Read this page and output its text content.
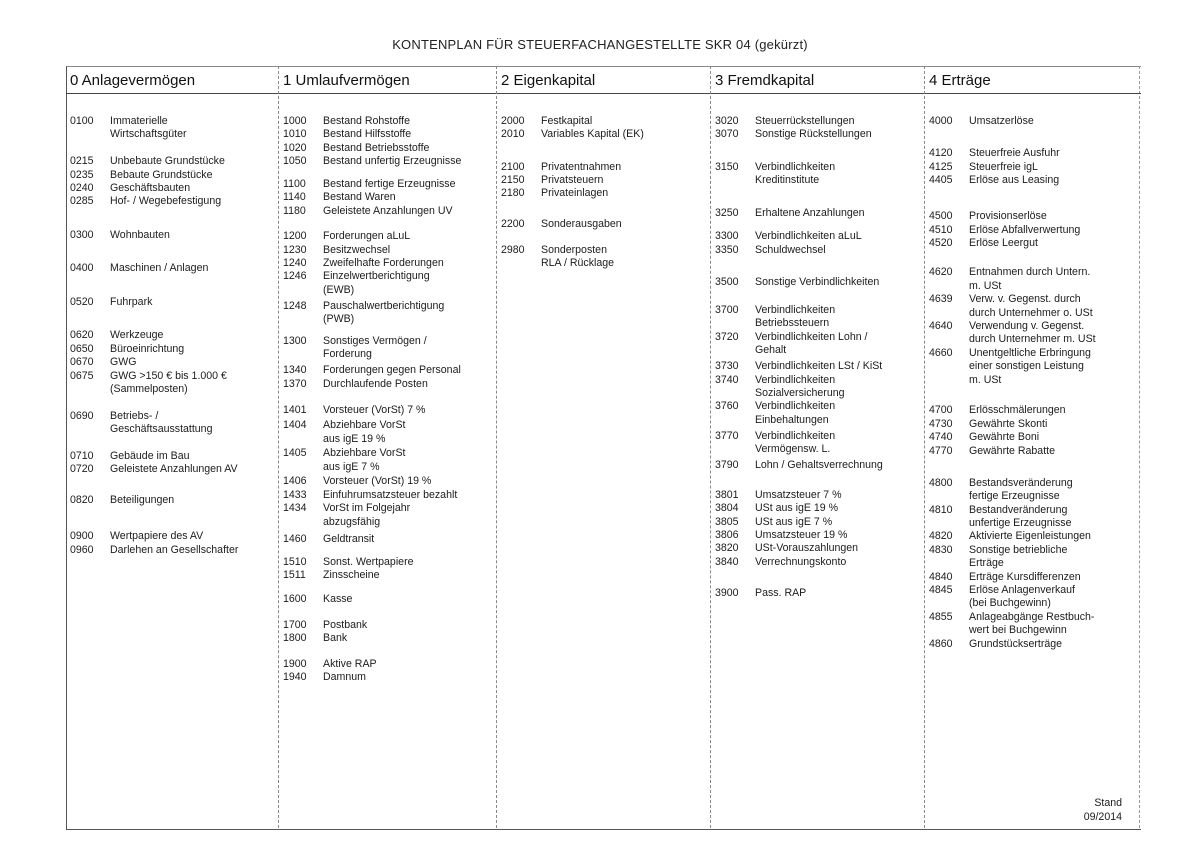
KONTENPLAN FÜR STEUERFACHANGESTELLTE SKR 04 (gekürzt)
0 Anlagevermögen
0100	Immaterielle
Wirtschaftsgüter
0215	Unbebaute Grundstücke
0235	Bebaute Grundstücke
0240	Geschäftsbauten
0285	Hof- / Wegebefestigung
0300	Wohnbauten
0400	Maschinen / Anlagen
0520	Fuhrpark
0620	Werkzeuge
0650	Büroeinrichtung
0670	GWG
0675	GWG >150 € bis 1.000 €
(Sammelposten)
0690	Betriebs- /
Geschäftsausstattung
0710	Gebäude im Bau
0720	Geleistete Anzahlungen AV
0820	Beteiligungen
0900	Wertpapiere des AV
0960	Darlehen an Gesellschafter
1 Umlaufvermögen
1000	Bestand Rohstoffe
1010	Bestand Hilfsstoffe
1020	Bestand Betriebsstoffe
1050	Bestand unfertig Erzeugnisse
1100	Bestand fertige Erzeugnisse
1140	Bestand Waren
1180	Geleistete Anzahlungen UV
1200	Forderungen aLuL
1230	Besitzwechsel
1240	Zweifelhafte Forderungen
1246	Einzelwertberichtigung
(EWB)
1248	Pauschalwertberichtigung
(PWB)
1300	Sonstiges Vermögen /
Forderung
1340	Forderungen gegen Personal
1370	Durchlaufende Posten
1401	Vorsteuer (VorSt) 7 %
1404	Abziehbare VorSt
aus igE 19 %
1405	Abziehbare VorSt
aus igE 7 %
1406	Vorsteuer (VorSt) 19 %
1433	Einfuhrumsatzsteuer bezahlt
1434	VorSt im Folgejahr
abzugsfähig
1460	Geldtransit
1510	Sonst. Wertpapiere
1511	Zinsscheine
1600	Kasse
1700	Postbank
1800	Bank
1900	Aktive RAP
1940	Damnum
2 Eigenkapital
2000	Festkapital
2010	Variables Kapital (EK)
2100	Privatentnahmen
2150	Privatsteuern
2180	Privateinlagen
2200	Sonderausgaben
2980	Sonderposten
RLA / Rücklage
3 Fremdkapital
3020	Steuerrückstellungen
3070	Sonstige Rückstellungen
3150	Verbindlichkeiten
Kreditinstitute
3250	Erhaltene Anzahlungen
3300	Verbindlichkeiten aLuL
3350	Schuldwechsel
3500	Sonstige Verbindlichkeiten
3700	Verbindlichkeiten
Betriebssteuern
3720	Verbindlichkeiten Lohn /
Gehalt
3730	Verbindlichkeiten LSt / KiSt
3740	Verbindlichkeiten
Sozialversicherung
3760	Verbindlichkeiten
Einbehaltungen
3770	Verbindlichkeiten
Vermögensw. L.
3790	Lohn / Gehaltsverrechnung
3801	Umsatzsteuer 7 %
3804	USt aus igE 19 %
3805	USt aus igE 7 %
3806	Umsatzsteuer 19 %
3820	USt-Vorauszahlungen
3840	Verrechnungskonto
3900	Pass. RAP
4 Erträge
4000	Umsatzerlöse
4120	Steuerfreie Ausfuhr
4125	Steuerfreie igL
4405	Erlöse aus Leasing
4500	Provisionserlöse
4510	Erlöse Abfallverwertung
4520	Erlöse Leergut
4620	Entnahmen durch Untern.
m. USt
4639	Verw. v. Gegenst. durch
durch Unternehmer o. USt
4640	Verwendung v. Gegenst.
durch Unternehmer m. USt
4660	Unentgeltliche Erbringung
einer sonstigen Leistung
m. USt
4700	Erlösschmälerungen
4730	Gewährte Skonti
4740	Gewährte Boni
4770	Gewährte Rabatte
4800	Bestandsveränderung
fertige Erzeugnisse
4810	Bestandveränderung
unfertige Erzeugnisse
4820	Aktivierte Eigenleistungen
4830	Sonstige betriebliche
Erträge
4840	Erträge Kursdifferenzen
4845	Erlöse Anlagenverkauf
(bei Buchgewinn)
4855	Anlageabgänge Restbuch-
wert bei Buchgewinn
4860	Grundstückserträge
Stand
09/2014
